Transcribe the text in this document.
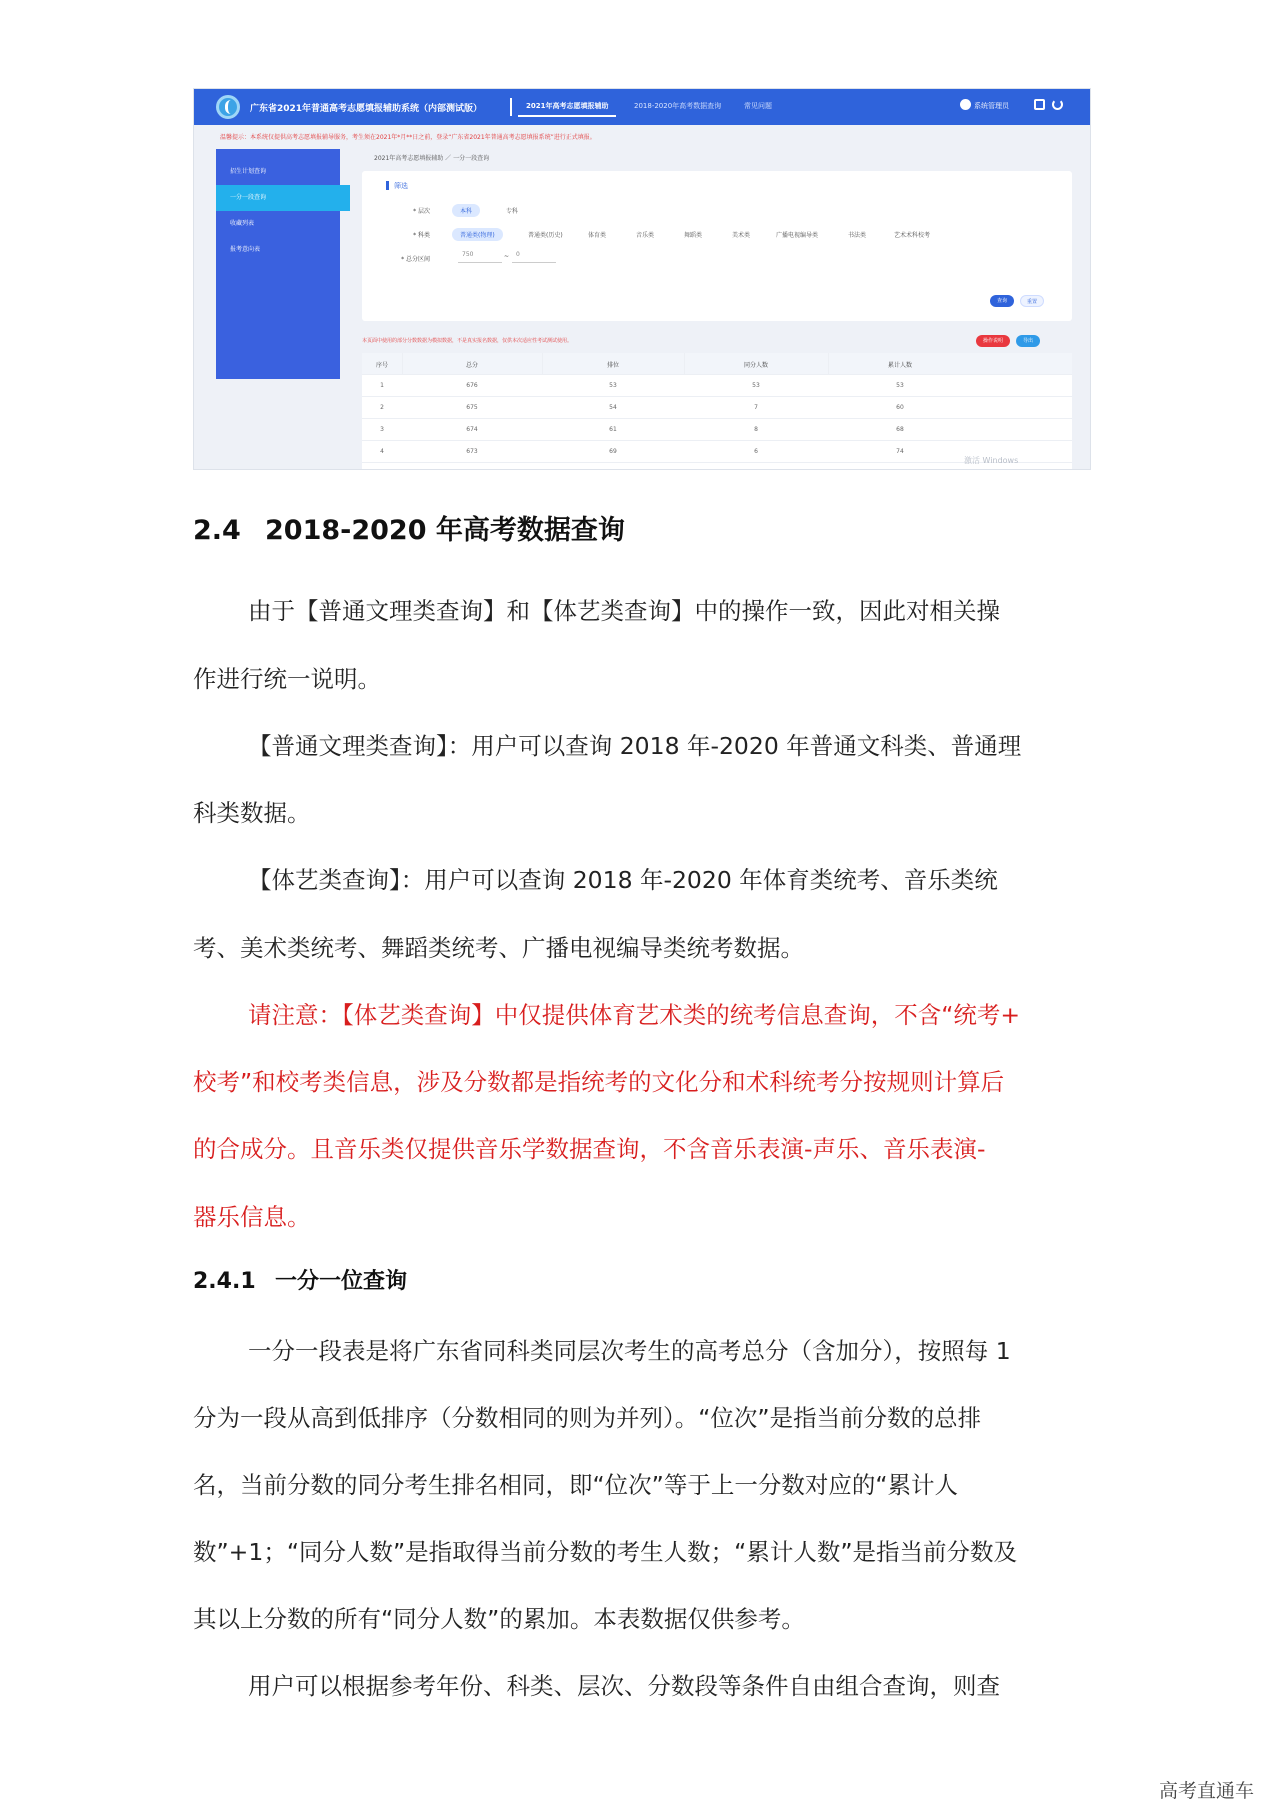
广东省2021年普通高考志愿填报辅助系统（内部测试版）	2021年高考志愿填报辅助	2018-2020年高考数据查询	常见问题	系统管理员
温馨提示：本系统仅提供高考志愿填报辅导服务，考生须在2021年*月**日之前，登录“广东省2021年普通高考志愿填报系统”进行正式填报。
招生计划查询
一分一段查询
收藏列表
报考意向表
2021年高考志愿填报辅助 ／ 一分一段查询
筛选
* 层次	本科	专科
* 科类	普通类(物理)	普通类(历史)	体育类	音乐类	舞蹈类	美术类	广播电视编导类	书法类	艺术术科校考
* 总分区间
750	~	0
查询	重置
本页面中使用的部分分数数据为模拟数据，不是真实报名数据，仅供本次适应性考试测试使用。	操作说明	导出
序号	总分	排位	同分人数	累计人数
1	676	53	53	53
2	675	54	7	60
3	674	61	8	68
4	673	69	6	74
激活 Windows
2.4 2018-2020 年高考数据查询
由于【普通文理类查询】和【体艺类查询】中的操作一致，因此对相关操
作进行统一说明。
【普通文理类查询】：用户可以查询 2018 年-2020 年普通文科类、普通理
科类数据。
【体艺类查询】：用户可以查询 2018 年-2020 年体育类统考、音乐类统
考、美术类统考、舞蹈类统考、广播电视编导类统考数据。
请注意：【体艺类查询】中仅提供体育艺术类的统考信息查询，不含“统考+
校考”和校考类信息，涉及分数都是指统考的文化分和术科统考分按规则计算后
的合成分。且音乐类仅提供音乐学数据查询，不含音乐表演-声乐、音乐表演-
器乐信息。
2.4.1 一分一位查询
一分一段表是将广东省同科类同层次考生的高考总分（含加分），按照每 1
分为一段从高到低排序（分数相同的则为并列）。“位次”是指当前分数的总排
名，当前分数的同分考生排名相同，即“位次”等于上一分数对应的“累计人
数”+1；“同分人数”是指取得当前分数的考生人数；“累计人数”是指当前分数及
其以上分数的所有“同分人数”的累加。本表数据仅供参考。
用户可以根据参考年份、科类、层次、分数段等条件自由组合查询，则查
高考直通车
